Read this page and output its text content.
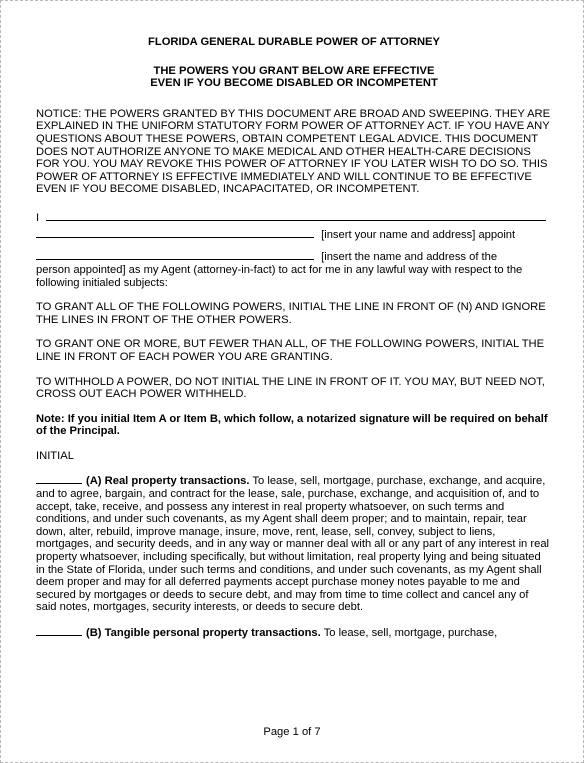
FLORIDA GENERAL DURABLE POWER OF ATTORNEY

THE POWERS YOU GRANT BELOW ARE EFFECTIVE

EVEN IF YOU BECOME DISABLED OR INCOMPETENT

NOTICE: THE POWERS GRANTED BY THIS DOCUMENT ARE BROAD AND SWEEPING. THEY ARE EXPLAINED IN THE UNIFORM STATUTORY FORM POWER OF ATTORNEY ACT. IF YOU HAVE ANY QUESTIONS ABOUT THESE POWERS, OBTAIN COMPETENT LEGAL ADVICE. THIS DOCUMENT DOES NOT AUTHORIZE ANYONE TO MAKE MEDICAL AND OTHER HEALTH-CARE DECISIONS FOR YOU. YOU MAY REVOKE THIS POWER OF ATTORNEY IF YOU LATER WISH TO DO SO. THIS POWER OF ATTORNEY IS EFFECTIVE IMMEDIATELY AND WILL CONTINUE TO BE EFFECTIVE EVEN IF YOU BECOME DISABLED, INCAPACITATED, OR INCOMPETENT.

I
[insert your name and address] appoint
[insert the name and address of the

person appointed] as my Agent (attorney-in-fact) to act for me in any lawful way with respect to the following initialed subjects:

TO GRANT ALL OF THE FOLLOWING POWERS, INITIAL THE LINE IN FRONT OF (N) AND IGNORE THE LINES IN FRONT OF THE OTHER POWERS.

TO GRANT ONE OR MORE, BUT FEWER THAN ALL, OF THE FOLLOWING POWERS, INITIAL THE LINE IN FRONT OF EACH POWER YOU ARE GRANTING.

TO WITHHOLD A POWER, DO NOT INITIAL THE LINE IN FRONT OF IT. YOU MAY, BUT NEED NOT, CROSS OUT EACH POWER WITHHELD.

Note: If you initial Item A or Item B, which follow, a notarized signature will be required on behalf of the Principal.

INITIAL

(A) Real property transactions. To lease, sell, mortgage, purchase, exchange, and acquire, and to agree, bargain, and contract for the lease, sale, purchase, exchange, and acquisition of, and to accept, take, receive, and possess any interest in real property whatsoever, on such terms and conditions, and under such covenants, as my Agent shall deem proper; and to maintain, repair, tear down, alter, rebuild, improve manage, insure, move, rent, lease, sell, convey, subject to liens, mortgages, and security deeds, and in any way or manner deal with all or any part of any interest in real property whatsoever, including specifically, but without limitation, real property lying and being situated in the State of Florida, under such terms and conditions, and under such covenants, as my Agent shall deem proper and may for all deferred payments accept purchase money notes payable to me and secured by mortgages or deeds to secure debt, and may from time to time collect and cancel any of said notes, mortgages, security interests, or deeds to secure debt.

(B) Tangible personal property transactions. To lease, sell, mortgage, purchase,

Page 1 of 7
